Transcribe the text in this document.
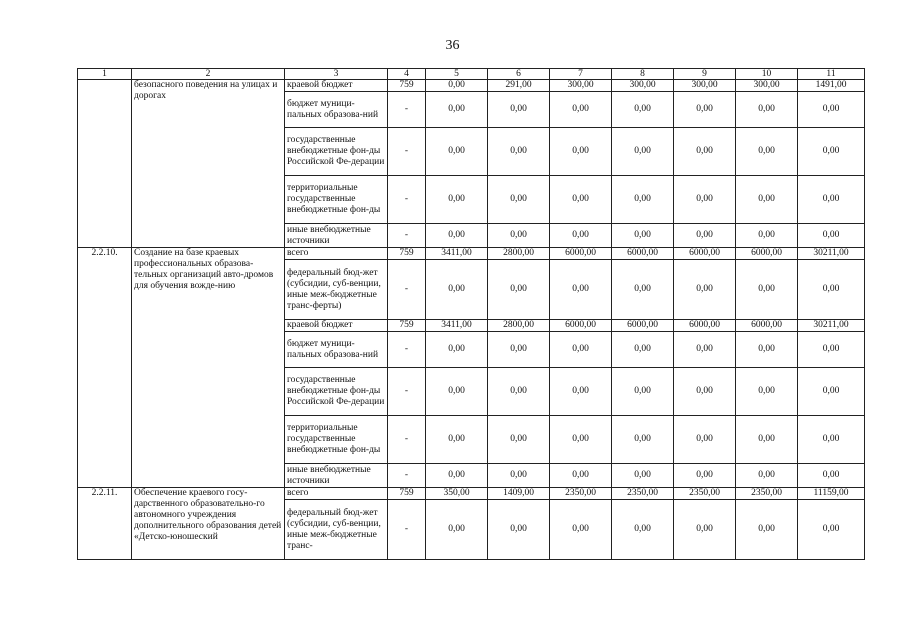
36
1	2	3	4	5	6	7	8	9	10	11
	безопасного поведения на улицах и дорогах	краевой бюджет	759	0,00	291,00	300,00	300,00	300,00	300,00	1491,00
		бюджет муници-пальных образова-ний	-	0,00	0,00	0,00	0,00	0,00	0,00	0,00
		государственные внебюджетные фон-ды Российской Фе-дерации	-	0,00	0,00	0,00	0,00	0,00	0,00	0,00
		территориальные государственные внебюджетные фон-ды	-	0,00	0,00	0,00	0,00	0,00	0,00	0,00
		иные внебюджетные источники	-	0,00	0,00	0,00	0,00	0,00	0,00	0,00
2.2.10.	Создание на базе краевых профессиональных образова-тельных организаций авто-дромов для обучения вожде-нию	всего	759	3411,00	2800,00	6000,00	6000,00	6000,00	6000,00	30211,00
		федеральный бюд-жет (субсидии, суб-венции, иные меж-бюджетные транс-ферты)	-	0,00	0,00	0,00	0,00	0,00	0,00	0,00
		краевой бюджет	759	3411,00	2800,00	6000,00	6000,00	6000,00	6000,00	30211,00
		бюджет муници-пальных образова-ний	-	0,00	0,00	0,00	0,00	0,00	0,00	0,00
		государственные внебюджетные фон-ды Российской Фе-дерации	-	0,00	0,00	0,00	0,00	0,00	0,00	0,00
		территориальные государственные внебюджетные фон-ды	-	0,00	0,00	0,00	0,00	0,00	0,00	0,00
		иные внебюджетные источники	-	0,00	0,00	0,00	0,00	0,00	0,00	0,00
2.2.11.	Обеспечение краевого госу-дарственного образовательно-го автономного учреждения дополнительного образования детей «Детско-юношеский	всего	759	350,00	1409,00	2350,00	2350,00	2350,00	2350,00	11159,00
		федеральный бюд-жет (субсидии, суб-венции, иные меж-бюджетные транс-	-	0,00	0,00	0,00	0,00	0,00	0,00	0,00
